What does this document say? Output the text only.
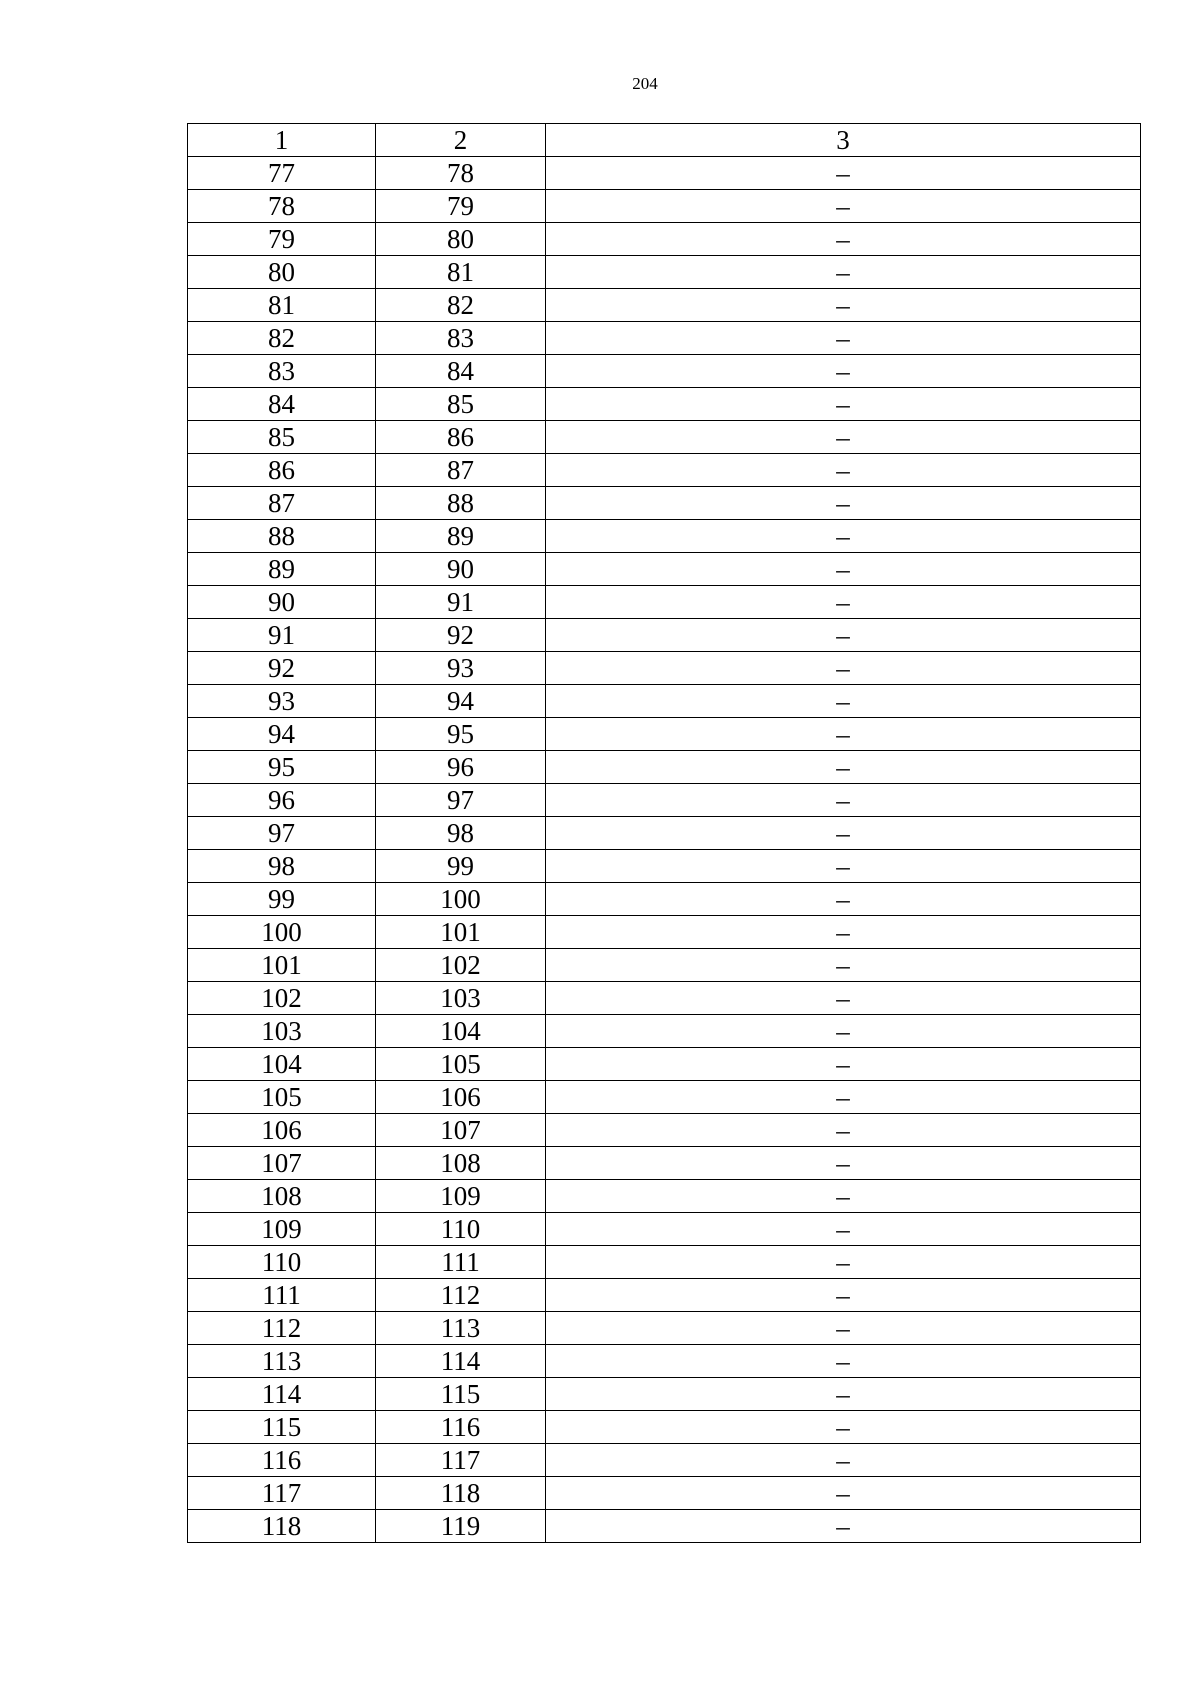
204
1	2	3
77	78	–
78	79	–
79	80	–
80	81	–
81	82	–
82	83	–
83	84	–
84	85	–
85	86	–
86	87	–
87	88	–
88	89	–
89	90	–
90	91	–
91	92	–
92	93	–
93	94	–
94	95	–
95	96	–
96	97	–
97	98	–
98	99	–
99	100	–
100	101	–
101	102	–
102	103	–
103	104	–
104	105	–
105	106	–
106	107	–
107	108	–
108	109	–
109	110	–
110	111	–
111	112	–
112	113	–
113	114	–
114	115	–
115	116	–
116	117	–
117	118	–
118	119	–
